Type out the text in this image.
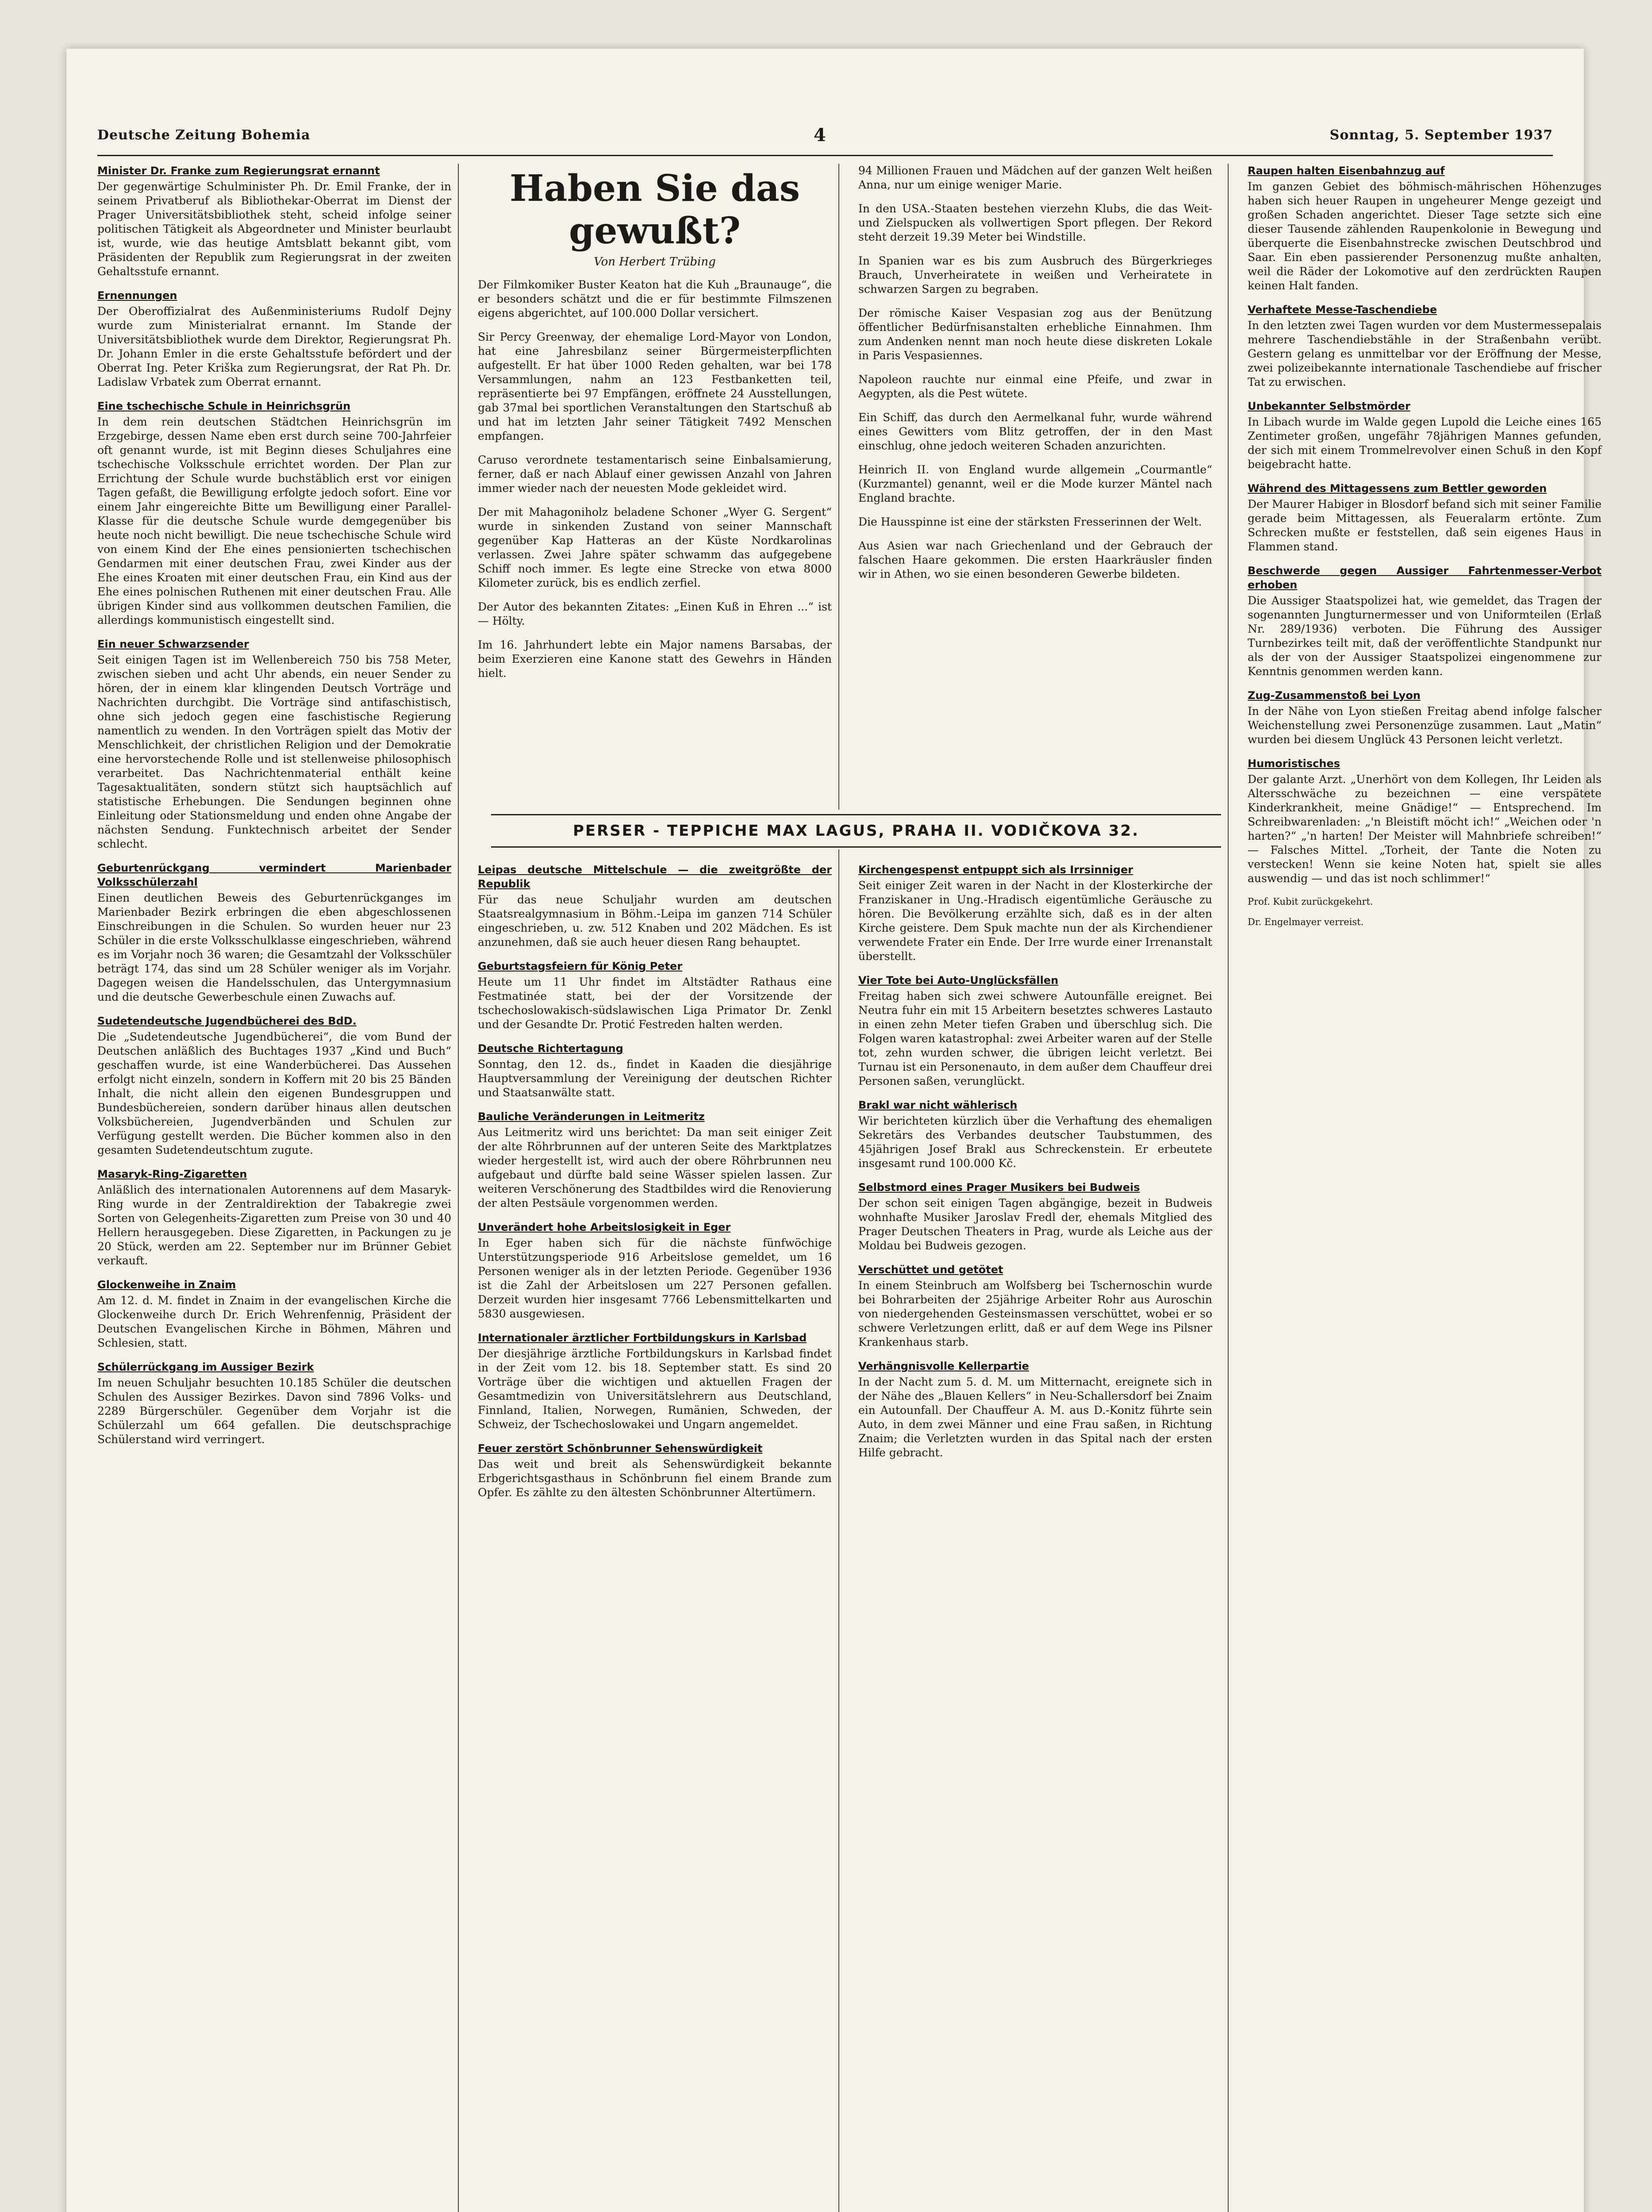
Deutsche Zeitung Bohemia	4	Sonntag, 5. September 1937
Minister Dr. Franke zum Regierungsrat ernannt

Der gegenwärtige Schulminister Ph. Dr. Emil Franke, der in seinem Privatberuf als Bibliothekar-Oberrat im Dienst der Prager Universitätsbibliothek steht, scheid infolge seiner politischen Tätigkeit als Abgeordneter und Minister beurlaubt ist, wurde, wie das heutige Amtsblatt bekannt gibt, vom Präsidenten der Republik zum Regierungsrat in der zweiten Gehaltsstufe ernannt.

Ernennungen

Der Oberoffizialrat des Außenministeriums Rudolf Dejny wurde zum Ministerialrat ernannt. Im Stande der Universitätsbibliothek wurde dem Direktor, Regierungsrat Ph. Dr. Johann Emler in die erste Gehaltsstufe befördert und der Oberrat Ing. Peter Kriška zum Regierungsrat, der Rat Ph. Dr. Ladislaw Vrbatek zum Oberrat ernannt.

Eine tschechische Schule in Heinrichsgrün

In dem rein deutschen Städtchen Heinrichsgrün im Erzgebirge, dessen Name eben erst durch seine 700-Jahrfeier oft genannt wurde, ist mit Beginn dieses Schuljahres eine tschechische Volksschule errichtet worden. Der Plan zur Errichtung der Schule wurde buchstäblich erst vor einigen Tagen gefaßt, die Bewilligung erfolgte jedoch sofort. Eine vor einem Jahr eingereichte Bitte um Bewilligung einer Parallel-Klasse für die deutsche Schule wurde demgegenüber bis heute noch nicht bewilligt. Die neue tschechische Schule wird von einem Kind der Ehe eines pensionierten tschechischen Gendarmen mit einer deutschen Frau, zwei Kinder aus der Ehe eines Kroaten mit einer deutschen Frau, ein Kind aus der Ehe eines polnischen Ruthenen mit einer deutschen Frau. Alle übrigen Kinder sind aus vollkommen deutschen Familien, die allerdings kommunistisch eingestellt sind.

Ein neuer Schwarzsender

Seit einigen Tagen ist im Wellenbereich 750 bis 758 Meter, zwischen sieben und acht Uhr abends, ein neuer Sender zu hören, der in einem klar klingenden Deutsch Vorträge und Nachrichten durchgibt. Die Vorträge sind antifaschistisch, ohne sich jedoch gegen eine faschistische Regierung namentlich zu wenden. In den Vorträgen spielt das Motiv der Menschlichkeit, der christlichen Religion und der Demokratie eine hervorstechende Rolle und ist stellenweise philosophisch verarbeitet. Das Nachrichtenmaterial enthält keine Tagesaktualitäten, sondern stützt sich hauptsächlich auf statistische Erhebungen. Die Sendungen beginnen ohne Einleitung oder Stationsmeldung und enden ohne Angabe der nächsten Sendung. Funktechnisch arbeitet der Sender schlecht.

Geburtenrückgang vermindert Marienbader Volksschülerzahl

Einen deutlichen Beweis des Geburtenrückganges im Marienbader Bezirk erbringen die eben abgeschlossenen Einschreibungen in die Schulen. So wurden heuer nur 23 Schüler in die erste Volksschulklasse eingeschrieben, während es im Vorjahr noch 36 waren; die Gesamtzahl der Volksschüler beträgt 174, das sind um 28 Schüler weniger als im Vorjahr. Dagegen weisen die Handelsschulen, das Untergymnasium und die deutsche Gewerbeschule einen Zuwachs auf.

Sudetendeutsche Jugendbücherei des BdD.

Die „Sudetendeutsche Jugendbücherei“, die vom Bund der Deutschen anläßlich des Buchtages 1937 „Kind und Buch“ geschaffen wurde, ist eine Wanderbücherei. Das Aussehen erfolgt nicht einzeln, sondern in Koffern mit 20 bis 25 Bänden Inhalt, die nicht allein den eigenen Bundesgruppen und Bundesbüchereien, sondern darüber hinaus allen deutschen Volksbüchereien, Jugendverbänden und Schulen zur Verfügung gestellt werden. Die Bücher kommen also in den gesamten Sudetendeutschtum zugute.

Masaryk-Ring-Zigaretten

Anläßlich des internationalen Autorennens auf dem Masaryk-Ring wurde in der Zentraldirektion der Tabakregie zwei Sorten von Gelegenheits-Zigaretten zum Preise von 30 und 40 Hellern herausgegeben. Diese Zigaretten, in Packungen zu je 20 Stück, werden am 22. September nur im Brünner Gebiet verkauft.

Glockenweihe in Znaim

Am 12. d. M. findet in Znaim in der evangelischen Kirche die Glockenweihe durch Dr. Erich Wehrenfennig, Präsident der Deutschen Evangelischen Kirche in Böhmen, Mähren und Schlesien, statt.

Schülerrückgang im Aussiger Bezirk

Im neuen Schuljahr besuchten 10.185 Schüler die deutschen Schulen des Aussiger Bezirkes. Davon sind 7896 Volks- und 2289 Bürgerschüler. Gegenüber dem Vorjahr ist die Schülerzahl um 664 gefallen. Die deutschsprachige Schülerstand wird verringert.

Haben Sie das gewußt?
Von Herbert Trübing

Der Filmkomiker Buster Keaton hat die Kuh „Braunauge“, die er besonders schätzt und die er für bestimmte Filmszenen eigens abgerichtet, auf 100.000 Dollar versichert.

Sir Percy Greenway, der ehemalige Lord-Mayor von London, hat eine Jahresbilanz seiner Bürgermeisterpflichten aufgestellt. Er hat über 1000 Reden gehalten, war bei 178 Versammlungen, nahm an 123 Festbanketten teil, repräsentierte bei 97 Empfängen, eröffnete 24 Ausstellungen, gab 37mal bei sportlichen Veranstaltungen den Startschuß ab und hat im letzten Jahr seiner Tätigkeit 7492 Menschen empfangen.

Caruso verordnete testamentarisch seine Einbalsamierung, ferner, daß er nach Ablauf einer gewissen Anzahl von Jahren immer wieder nach der neuesten Mode gekleidet wird.

Der mit Mahagoniholz beladene Schoner „Wyer G. Sergent“ wurde in sinkenden Zustand von seiner Mannschaft gegenüber Kap Hatteras an der Küste Nordkarolinas verlassen. Zwei Jahre später schwamm das aufgegebene Schiff noch immer. Es legte eine Strecke von etwa 8000 Kilometer zurück, bis es endlich zerfiel.

Der Autor des bekannten Zitates: „Einen Kuß in Ehren ...“ ist — Hölty.

Im 16. Jahrhundert lebte ein Major namens Barsabas, der beim Exerzieren eine Kanone statt des Gewehrs in Händen hielt.

94 Millionen Frauen und Mädchen auf der ganzen Welt heißen Anna, nur um einige weniger Marie.

In den USA.-Staaten bestehen vierzehn Klubs, die das Weit- und Zielspucken als vollwertigen Sport pflegen. Der Rekord steht derzeit 19.39 Meter bei Windstille.

In Spanien war es bis zum Ausbruch des Bürgerkrieges Brauch, Unverheiratete in weißen und Verheiratete in schwarzen Sargen zu begraben.

Der römische Kaiser Vespasian zog aus der Benützung öffentlicher Bedürfnisanstalten erhebliche Einnahmen. Ihm zum Andenken nennt man noch heute diese diskreten Lokale in Paris Vespasiennes.

Napoleon rauchte nur einmal eine Pfeife, und zwar in Aegypten, als die Pest wütete.

Ein Schiff, das durch den Aermelkanal fuhr, wurde während eines Gewitters vom Blitz getroffen, der in den Mast einschlug, ohne jedoch weiteren Schaden anzurichten.

Heinrich II. von England wurde allgemein „Courmantle“ (Kurzmantel) genannt, weil er die Mode kurzer Mäntel nach England brachte.

Die Hausspinne ist eine der stärksten Fresserinnen der Welt.

Aus Asien war nach Griechenland und der Gebrauch der falschen Haare gekommen. Die ersten Haarkräusler finden wir in Athen, wo sie einen besonderen Gewerbe bildeten.

PERSER - TEPPICHE MAX LAGUS, PRAHA II. VODIČKOVA 32.
Leipas deutsche Mittelschule — die zweitgrößte der Republik

Für das neue Schuljahr wurden am deutschen Staatsrealgymnasium in Böhm.-Leipa im ganzen 714 Schüler eingeschrieben, u. zw. 512 Knaben und 202 Mädchen. Es ist anzunehmen, daß sie auch heuer diesen Rang behauptet.

Geburtstagsfeiern für König Peter

Heute um 11 Uhr findet im Altstädter Rathaus eine Festmatinée statt, bei der der Vorsitzende der tschechoslowakisch-südslawischen Liga Primator Dr. Zenkl und der Gesandte Dr. Protić Festreden halten werden.

Deutsche Richtertagung

Sonntag, den 12. ds., findet in Kaaden die diesjährige Hauptversammlung der Vereinigung der deutschen Richter und Staatsanwälte statt.

Bauliche Veränderungen in Leitmeritz

Aus Leitmeritz wird uns berichtet: Da man seit einiger Zeit der alte Röhrbrunnen auf der unteren Seite des Marktplatzes wieder hergestellt ist, wird auch der obere Röhrbrunnen neu aufgebaut und dürfte bald seine Wässer spielen lassen. Zur weiteren Verschönerung des Stadtbildes wird die Renovierung der alten Pestsäule vorgenommen werden.

Unverändert hohe Arbeitslosigkeit in Eger

In Eger haben sich für die nächste fünfwöchige Unterstützungsperiode 916 Arbeitslose gemeldet, um 16 Personen weniger als in der letzten Periode. Gegenüber 1936 ist die Zahl der Arbeitslosen um 227 Personen gefallen. Derzeit wurden hier insgesamt 7766 Lebensmittelkarten und 5830 ausgewiesen.

Internationaler ärztlicher Fortbildungskurs in Karlsbad

Der diesjährige ärztliche Fortbildungskurs in Karlsbad findet in der Zeit vom 12. bis 18. September statt. Es sind 20 Vorträge über die wichtigen und aktuellen Fragen der Gesamtmedizin von Universitätslehrern aus Deutschland, Finnland, Italien, Norwegen, Rumänien, Schweden, der Schweiz, der Tschechoslowakei und Ungarn angemeldet.

Feuer zerstört Schönbrunner Sehenswürdigkeit

Das weit und breit als Sehenswürdigkeit bekannte Erbgerichtsgasthaus in Schönbrunn fiel einem Brande zum Opfer. Es zählte zu den ältesten Schönbrunner Altertümern.

Kirchengespenst entpuppt sich als Irrsinniger

Seit einiger Zeit waren in der Nacht in der Klosterkirche der Franziskaner in Ung.-Hradisch eigentümliche Geräusche zu hören. Die Bevölkerung erzählte sich, daß es in der alten Kirche geistere. Dem Spuk machte nun der als Kirchendiener verwendete Frater ein Ende. Der Irre wurde einer Irrenanstalt überstellt.

Vier Tote bei Auto-Unglücksfällen

Freitag haben sich zwei schwere Autounfälle ereignet. Bei Neutra fuhr ein mit 15 Arbeitern besetztes schweres Lastauto in einen zehn Meter tiefen Graben und überschlug sich. Die Folgen waren katastrophal: zwei Arbeiter waren auf der Stelle tot, zehn wurden schwer, die übrigen leicht verletzt. Bei Turnau ist ein Personenauto, in dem außer dem Chauffeur drei Personen saßen, verunglückt.

Brakl war nicht wählerisch

Wir berichteten kürzlich über die Verhaftung des ehemaligen Sekretärs des Verbandes deutscher Taubstummen, des 45jährigen Josef Brakl aus Schreckenstein. Er erbeutete insgesamt rund 100.000 Kč.

Selbstmord eines Prager Musikers bei Budweis

Der schon seit einigen Tagen abgängige, bezeit in Budweis wohnhafte Musiker Jaroslav Fredl der, ehemals Mitglied des Prager Deutschen Theaters in Prag, wurde als Leiche aus der Moldau bei Budweis gezogen.

Verschüttet und getötet

In einem Steinbruch am Wolfsberg bei Tschernoschin wurde bei Bohrarbeiten der 25jährige Arbeiter Rohr aus Auroschin von niedergehenden Gesteinsmassen verschüttet, wobei er so schwere Verletzungen erlitt, daß er auf dem Wege ins Pilsner Krankenhaus starb.

Verhängnisvolle Kellerpartie

In der Nacht zum 5. d. M. um Mitternacht, ereignete sich in der Nähe des „Blauen Kellers“ in Neu-Schallersdorf bei Znaim ein Autounfall. Der Chauffeur A. M. aus D.-Konitz führte sein Auto, in dem zwei Männer und eine Frau saßen, in Richtung Znaim; die Verletzten wurden in das Spital nach der ersten Hilfe gebracht.

Raupen halten Eisenbahnzug auf

Im ganzen Gebiet des böhmisch-mährischen Höhenzuges haben sich heuer Raupen in ungeheurer Menge gezeigt und großen Schaden angerichtet. Dieser Tage setzte sich eine dieser Tausende zählenden Raupenkolonie in Bewegung und überquerte die Eisenbahnstrecke zwischen Deutschbrod und Saar. Ein eben passierender Personenzug mußte anhalten, weil die Räder der Lokomotive auf den zerdrückten Raupen keinen Halt fanden.

Verhaftete Messe-Taschendiebe

In den letzten zwei Tagen wurden vor dem Mustermessepalais mehrere Taschendiebstähle in der Straßenbahn verübt. Gestern gelang es unmittelbar vor der Eröffnung der Messe, zwei polizeibekannte internationale Taschendiebe auf frischer Tat zu erwischen.

Unbekannter Selbstmörder

In Libach wurde im Walde gegen Lupold die Leiche eines 165 Zentimeter großen, ungefähr 78jährigen Mannes gefunden, der sich mit einem Trommelrevolver einen Schuß in den Kopf beigebracht hatte.

Während des Mittagessens zum Bettler geworden

Der Maurer Habiger in Blosdorf befand sich mit seiner Familie gerade beim Mittagessen, als Feueralarm ertönte. Zum Schrecken mußte er feststellen, daß sein eigenes Haus in Flammen stand.

Beschwerde gegen Aussiger Fahrtenmesser-Verbot erhoben

Die Aussiger Staatspolizei hat, wie gemeldet, das Tragen der sogenannten Jungturnermesser und von Uniformteilen (Erlaß Nr. 289/1936) verboten. Die Führung des Aussiger Turnbezirkes teilt mit, daß der veröffentlichte Standpunkt nur als der von der Aussiger Staatspolizei eingenommene zur Kenntnis genommen werden kann.

Zug-Zusammenstoß bei Lyon

In der Nähe von Lyon stießen Freitag abend infolge falscher Weichenstellung zwei Personenzüge zusammen. Laut „Matin“ wurden bei diesem Unglück 43 Personen leicht verletzt.

Humoristisches

Der galante Arzt. „Unerhört von dem Kollegen, Ihr Leiden als Altersschwäche zu bezeichnen — eine verspätete Kinderkrankheit, meine Gnädige!“ — Entsprechend. Im Schreibwarenladen: „'n Bleistift möcht ich!“ „Weichen oder 'n harten?“ „'n harten! Der Meister will Mahnbriefe schreiben!“ — Falsches Mittel. „Torheit, der Tante die Noten zu verstecken! Wenn sie keine Noten hat, spielt sie alles auswendig — und das ist noch schlimmer!“

Prof. Kubit zurückgekehrt.
Dr. Engelmayer verreist.
